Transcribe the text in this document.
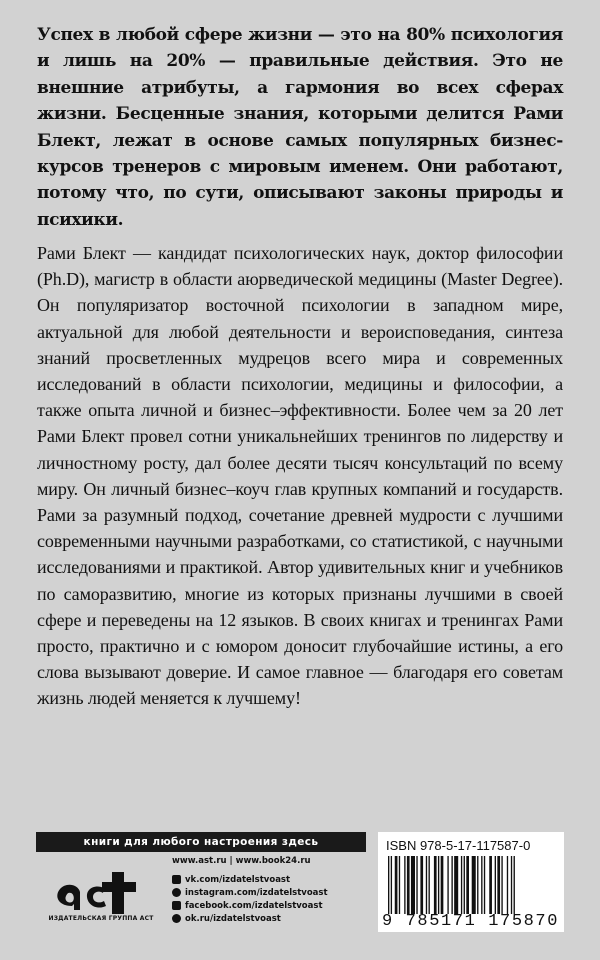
Успех в любой сфере жизни — это на 80% психология и лишь на 20% — правильные действия. Это не внешние атрибуты, а гармония во всех сферах жизни. Бесценные знания, которыми делится Рами Блект, лежат в основе самых популярных бизнес-курсов тренеров с мировым именем. Они работают, потому что, по сути, описывают законы природы и психики.

Рами Блект — кандидат психологических наук, доктор философии (Ph.D), магистр в области аюрведической медицины (Master Degree). Он популяризатор восточной психологии в западном мире, актуальной для любой деятельности и вероисповедания, синтеза знаний просветленных мудрецов всего мира и современных исследований в области психологии, медицины и философии, а также опыта личной и бизнес–эффективности. Более чем за 20 лет Рами Блект провел сотни уникальнейших тренингов по лидерству и личностному росту, дал более десяти тысяч консультаций по всему миру. Он личный бизнес–коуч глав крупных компаний и государств. Рами за разумный подход, сочетание древней мудрости с лучшими современными научными разработками, со статистикой, с научными исследованиями и практикой. Автор удивительных книг и учебников по саморазвитию, многие из которых признаны лучшими в своей сфере и переведены на 12 языков. В своих книгах и тренингах Рами просто, практично и с юмором доносит глубочайшие истины, а его слова вызывают доверие. И самое главное — благодаря его советам жизнь людей меняется к лучшему!

книги для любого настроения здесь
ИЗДАТЕЛЬСКАЯ ГРУППА АСТ
www.ast.ru | www.book24.ru
vk.com/izdatelstvoast
instagram.com/izdatelstvoast
facebook.com/izdatelstvoast
ok.ru/izdatelstvoast
ISBN 978-5-17-117587-0
9 785171 175870
